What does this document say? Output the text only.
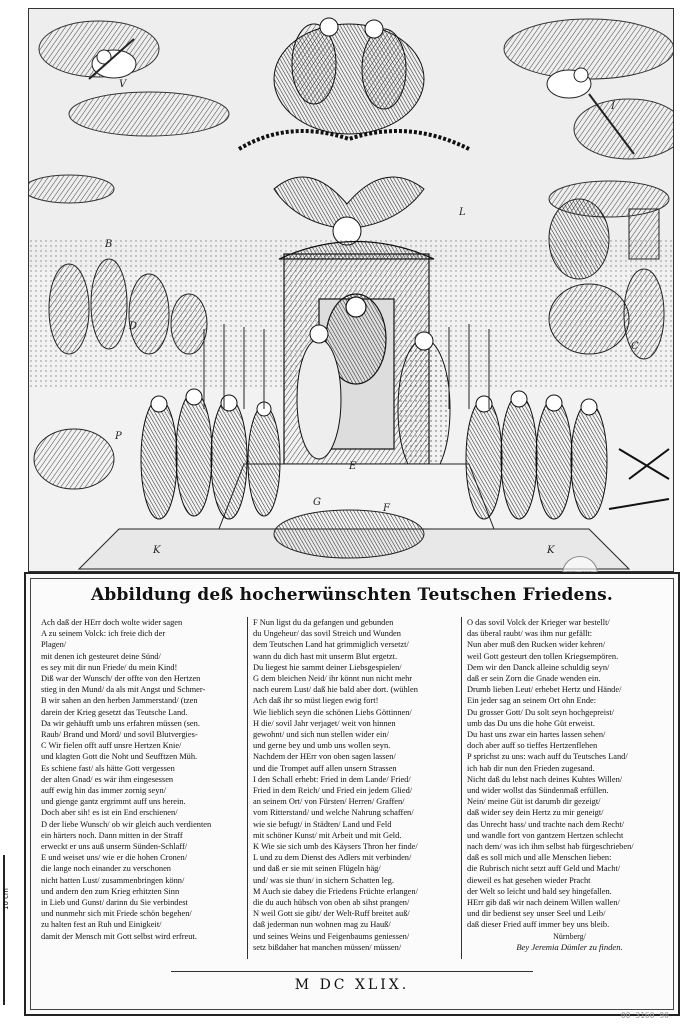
V
I
L
B
D
P
E
C
K	K
G
F
Abbildung deß hocherwünschten Teutschen Friedens.
Ach daß der HErr doch wolte wider sagen
A zu seinem Volck: ich freie dich der
Plagen/
mit denen ich gesteuret deine Sünd/
es sey mit dir nun Friede/ du mein Kind!
Diß war der Wunsch/ der offte von den Hertzen
stieg in den Mund/ da als mit Angst und Schmer-
B wir sahen an den herben Jammerstand/ (tzen
darein der Krieg gesetzt das Teutsche Land.
Da wir gehäufft umb uns erfahren müssen (sen.
Raub/ Brand und Mord/ und sovil Blutvergies-
C Wir fielen offt auff unsre Hertzen Knie/
und klagten Gott die Noht und Seufftzen Müh.
Es schiene fast/ als hätte Gott vergessen
der alten Gnad/ es wär ihm eingesessen
auff ewig hin das immer zornig seyn/
und gienge gantz ergrimmt auff uns herein.
Doch aber sih! es ist ein End erschienen/
D der liebe Wunsch/ ob wir gleich auch verdienten
ein härters noch. Dann mitten in der Straff
erweckt er uns auß unserm Sünden-Schlaff/
E und weiset uns/ wie er die hohen Cronen/
die lange noch einander zu verschonen
nicht hatten Lust/ zusammenbringen könn/
und andern den zum Krieg erhitzten Sinn
in Lieb und Gunst/ darinn du Sie verbindest
und nunmehr sich mit Friede schön begehen/
zu halten fest an Ruh und Einigkeit/
damit der Mensch mit Gott selbst wird erfreut.
F Nun ligst du da gefangen und gebunden
du Ungeheur/ das sovil Streich und Wunden
dem Teutschen Land hat grimmiglich versetzt/
wann du dich hast mit unserm Blut ergetzt.
Du liegest hie sammt deiner Liebsgespielen/
G dem bleichen Neid/ ihr könnt nun nicht mehr
nach eurem Lust/ daß hie bald aber dort. (wühlen
Ach daß ihr so müst liegen ewig fort!
Wie lieblich seyn die schönen Liebs Göttinnen/
H die/ sovil Jahr verjaget/ weit von hinnen
gewohnt/ und sich nun stellen wider ein/
und gerne bey und umb uns wollen seyn.
Nachdem der HErr von oben sagen lassen/
und die Trompet auff allen unsern Strassen
I den Schall erhebt: Fried in dem Lande/ Fried/
Fried in dem Reich/ und Fried ein jedem Glied/
an seinem Ort/ von Fürsten/ Herren/ Graffen/
vom Ritterstand/ und welche Nahrung schaffen/
wie sie befugt/ in Städten/ Land und Feld
mit schöner Kunst/ mit Arbeit und mit Geld.
K Wie sie sich umb des Käysers Thron her finde/
L und zu dem Dienst des Adlers mit verbinden/
und daß er sie mit seinen Flügeln häg/
und/ was sie thun/ in sichern Schatten leg.
M Auch sie dabey die Friedens Früchte erlangen/
die du auch hübsch von oben ab sihst prangen/
N weil Gott sie gibt/ der Welt-Ruff breitet auß/
daß jederman nun wohnen mag zu Hauß/
und seines Weins und Feigenbaums geniessen/
setz bißdaher hat manchen müssen/ müssen/
O das sovil Volck der Krieger war bestellt/
das überal raubt/ was ihm nur gefällt:
Nun aber muß den Rucken wider kehren/
weil Gott gesteurt den tollen Kriegsempören.
Dem wir den Danck alleine schuldig seyn/
daß er sein Zorn die Gnade wenden ein.
Drumb lieben Leut/ erhebet Hertz und Hände/
Ein jeder sag an seinem Ort ohn Ende:
Du grosser Gott/ Du solt seyn hochgepreist/
umb das Du uns die hohe Güt erweist.
Du hast uns zwar ein hartes lassen sehen/
doch aber auff so tieffes Hertzenflehen
P sprichst zu uns: wach auff du Teutsches Land/
ich hab dir nun den Frieden zugesand.
Nicht daß du lebst nach deines Kuhtes Willen/
und wider wollst das Sündenmaß erfüllen.
Nein/ meine Güt ist darumb dir gezeigt/
daß wider sey dein Hertz zu mir geneigt/
das Unrecht hass/ und trachte nach dem Recht/
und wandle fort von gantzem Hertzen schlecht
nach dem/ was ich ihm selbst hab fürgeschrieben/
daß es soll mich und alle Menschen lieben:
die Rubrisch nicht setzt auff Geld und Macht/
dieweil es hat gesehen wieder Pracht
der Welt so leicht und bald sey hingefallen.
HErr gib daß wir nach deinem Willen wallen/
und dir bedienst sey unser Seel und Leib/
daß dieser Fried auff immer bey uns bleib.
Nürnberg/
Bey Jeremia Dümler zu finden.
M DC XLIX.
10 cm
00 3160 90
